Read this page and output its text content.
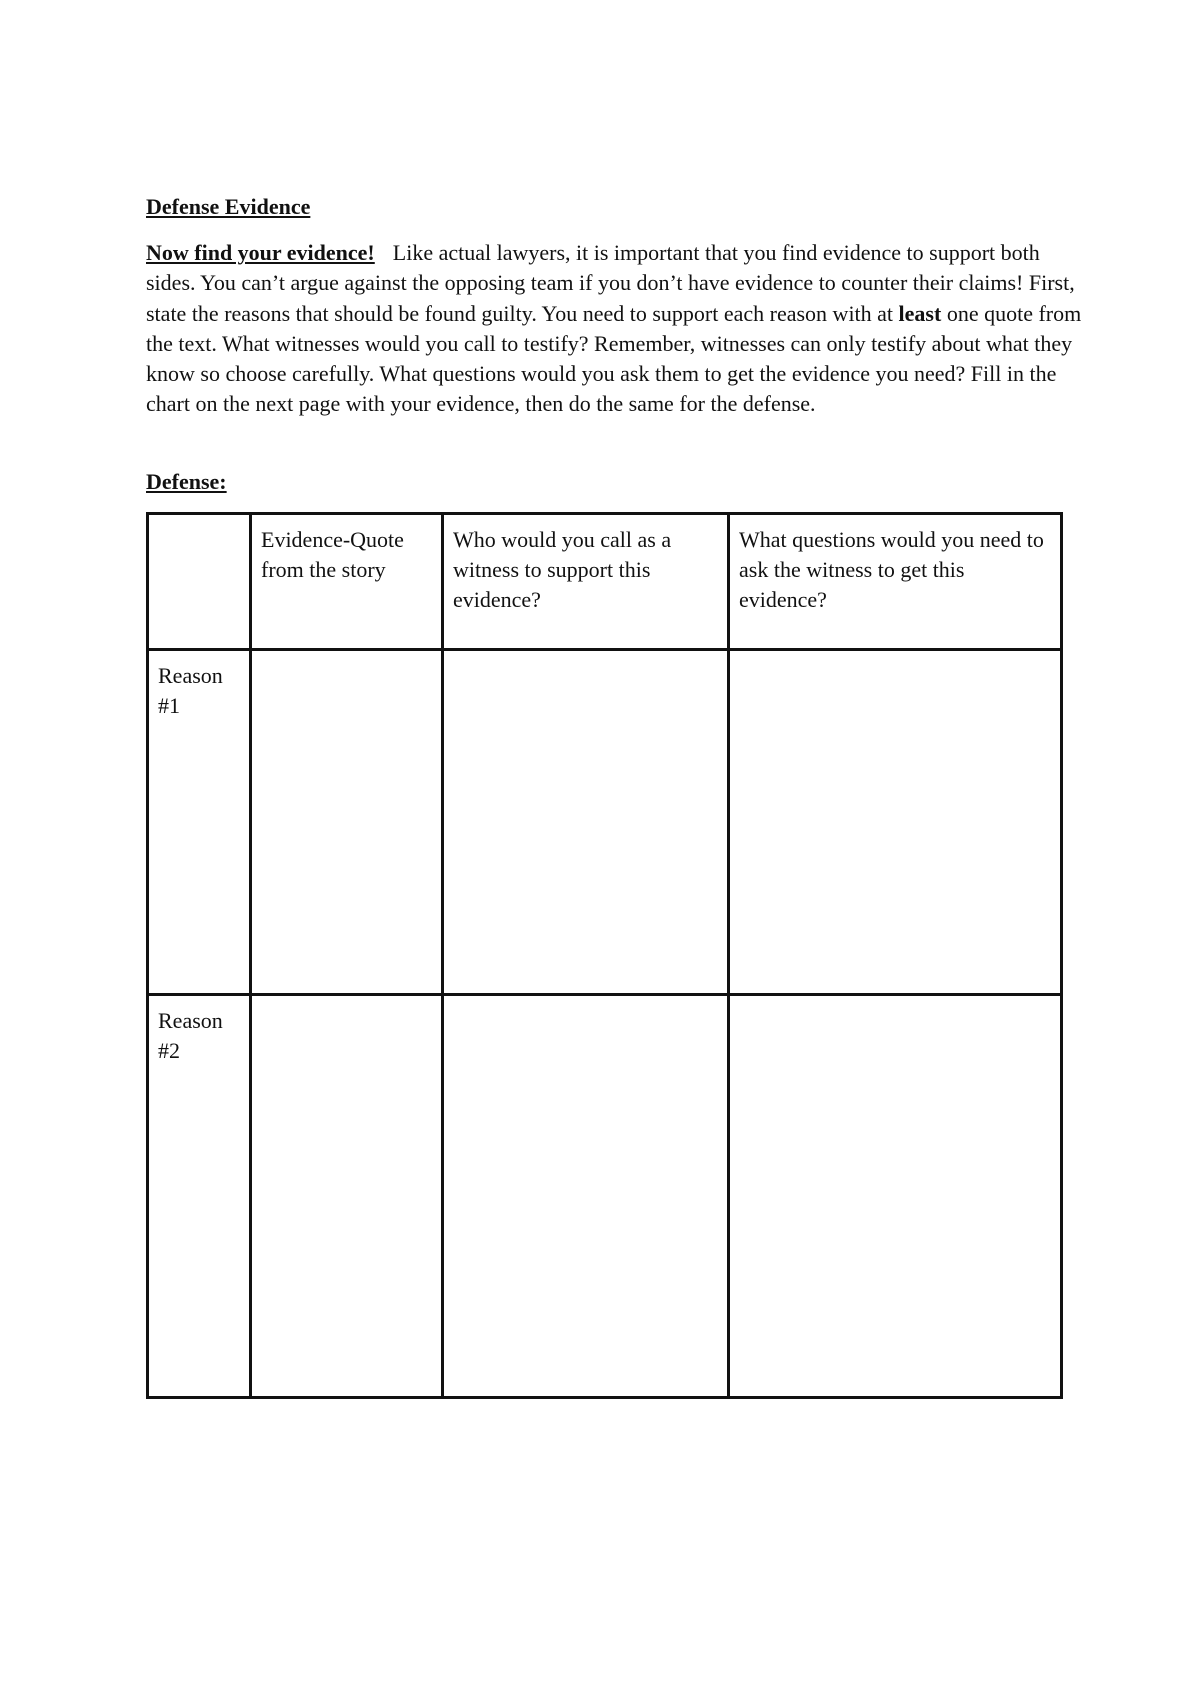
Defense Evidence

Now find your evidence! Like actual lawyers, it is important that you find evidence to support both sides. You can’t argue against the opposing team if you don’t have evidence to counter their claims! First, state the reasons that should be found guilty. You need to support each reason with at least one quote from the text. What witnesses would you call to testify? Remember, witnesses can only testify about what they know so choose carefully. What questions would you ask them to get the evidence you need? Fill in the chart on the next page with your evidence, then do the same for the defense.

Defense:
	Evidence-Quote from the story	Who would you call as a witness to support this evidence?	What questions would you need to ask the witness to get this evidence?
Reason #1			
Reason #2			
